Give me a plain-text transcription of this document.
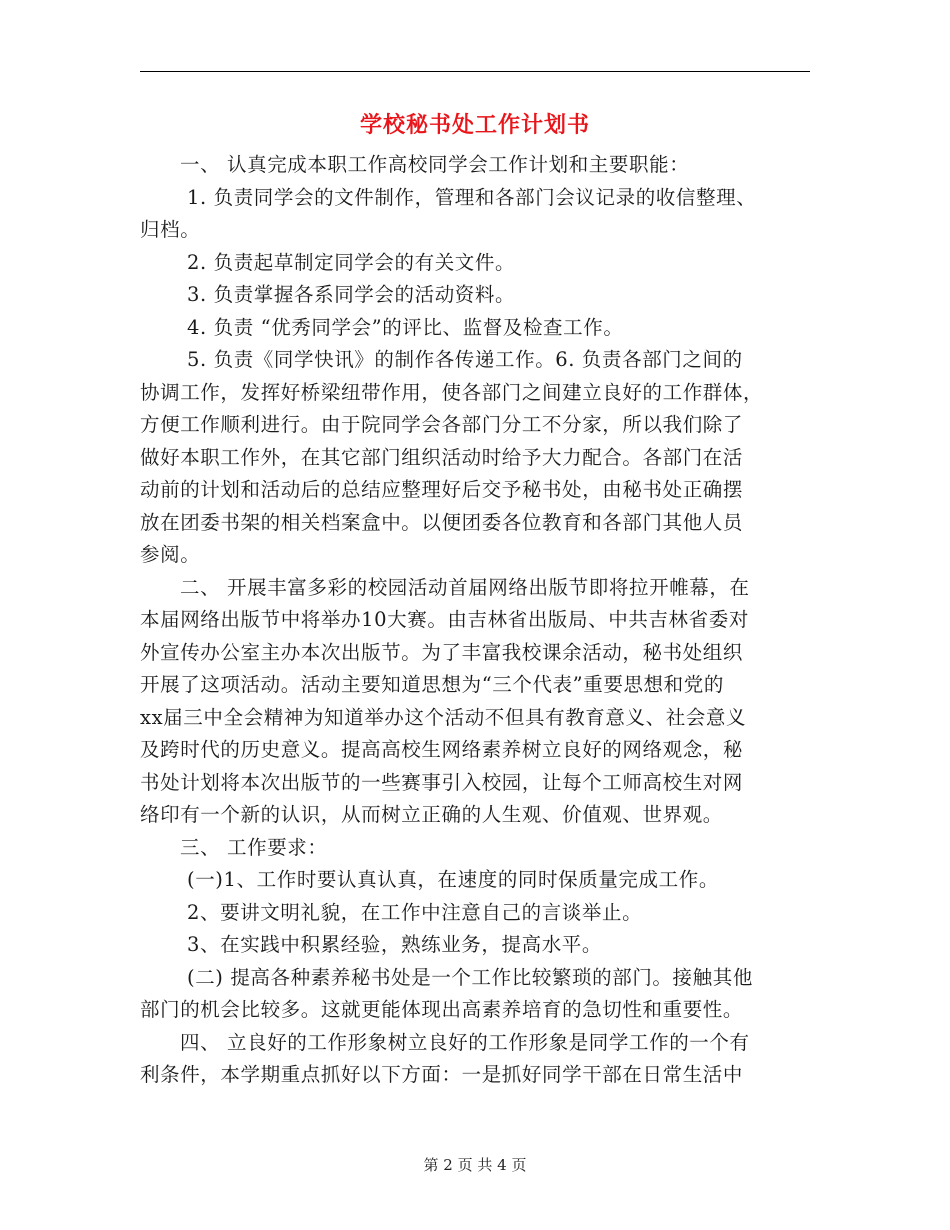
学校秘书处工作计划书
一、 认真完成本职工作高校同学会工作计划和主要职能：
1. 负责同学会的文件制作，管理和各部门会议记录的收信整理、
归档。
2. 负责起草制定同学会的有关文件。
3. 负责掌握各系同学会的活动资料。
4. 负责 “优秀同学会”的评比、监督及检查工作。
5. 负责《同学快讯》的制作各传递工作。6. 负责各部门之间的
协调工作，发挥好桥梁纽带作用，使各部门之间建立良好的工作群体，
方便工作顺利进行。由于院同学会各部门分工不分家，所以我们除了
做好本职工作外，在其它部门组织活动时给予大力配合。各部门在活
动前的计划和活动后的总结应整理好后交予秘书处，由秘书处正确摆
放在团委书架的相关档案盒中。以便团委各位教育和各部门其他人员
参阅。
二、 开展丰富多彩的校园活动首届网络出版节即将拉开帷幕，在
本届网络出版节中将举办10大赛。由吉林省出版局、中共吉林省委对
外宣传办公室主办本次出版节。为了丰富我校课余活动，秘书处组织
开展了这项活动。活动主要知道思想为“三个代表”重要思想和党的
xx届三中全会精神为知道举办这个活动不但具有教育意义、社会意义
及跨时代的历史意义。提高高校生网络素养树立良好的网络观念，秘
书处计划将本次出版节的一些赛事引入校园，让每个工师高校生对网
络印有一个新的认识，从而树立正确的人生观、价值观、世界观。
三、 工作要求：
(一)1、工作时要认真认真，在速度的同时保质量完成工作。
2、要讲文明礼貌，在工作中注意自己的言谈举止。
3、在实践中积累经验，熟练业务，提高水平。
(二) 提高各种素养秘书处是一个工作比较繁琐的部门。接触其他
部门的机会比较多。这就更能体现出高素养培育的急切性和重要性。
四、 立良好的工作形象树立良好的工作形象是同学工作的一个有
利条件，本学期重点抓好以下方面：一是抓好同学干部在日常生活中
第 2 页 共 4 页
